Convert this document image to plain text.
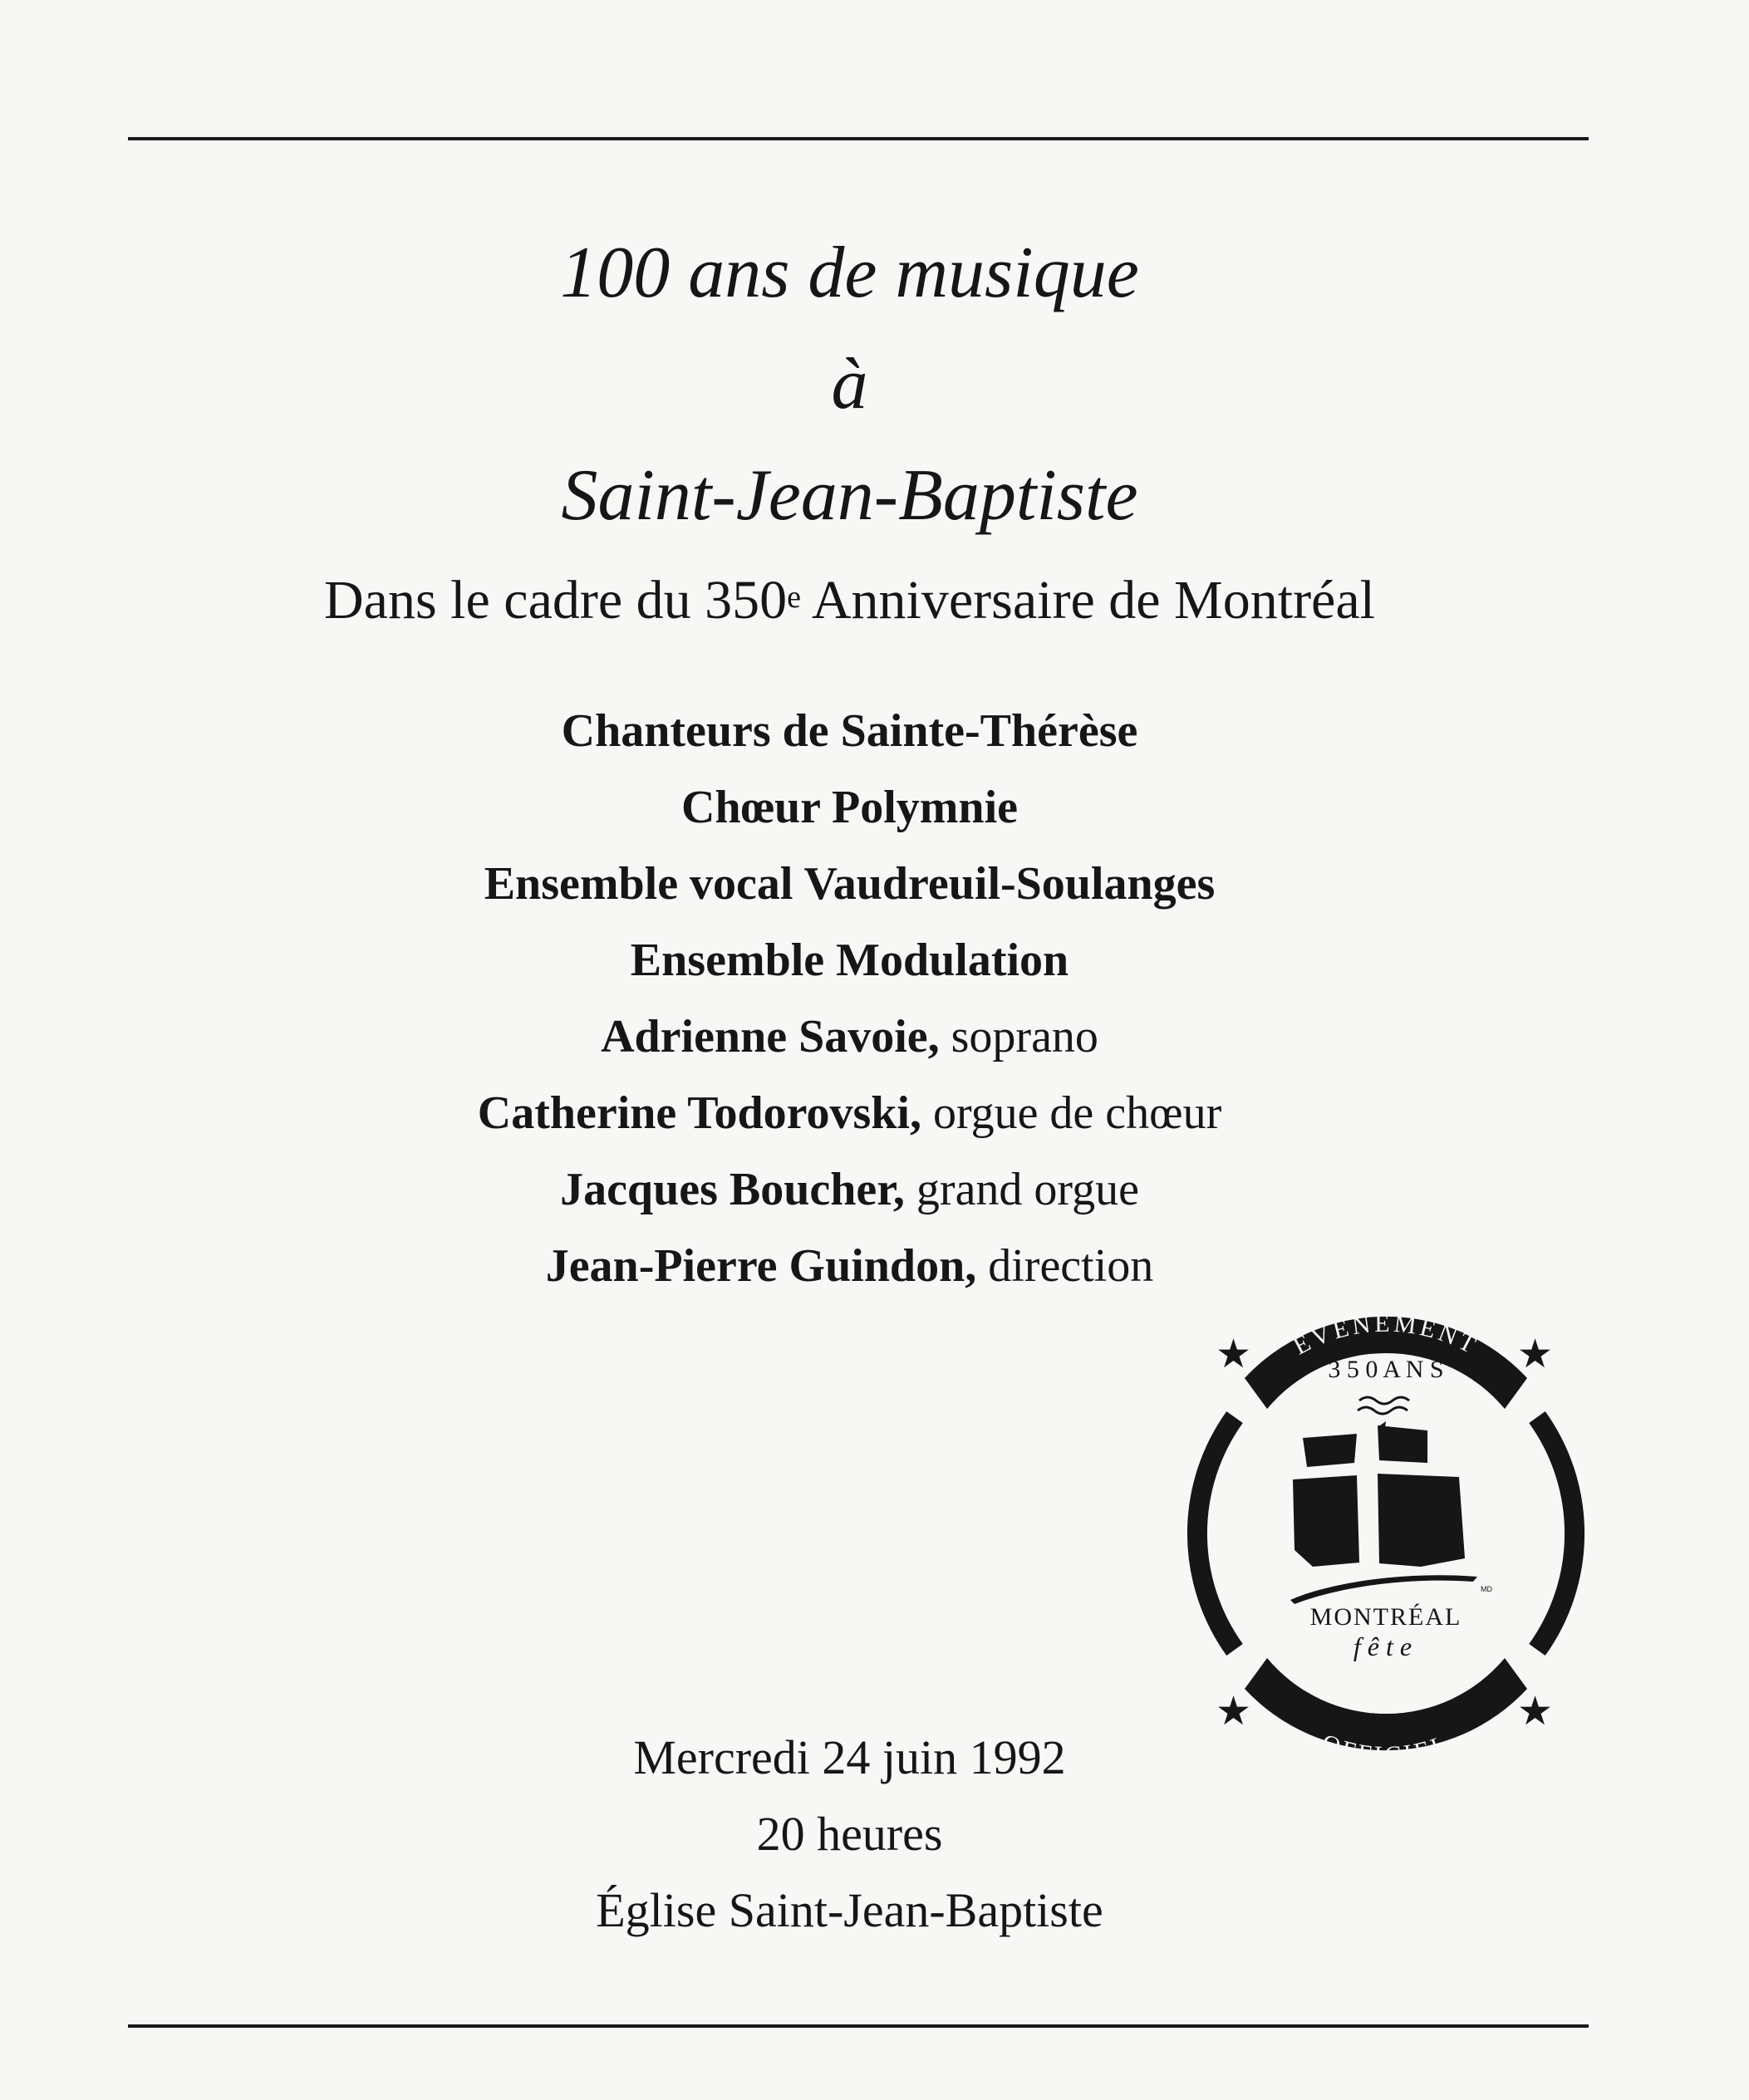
100 ans de musique
à
Saint-Jean-Baptiste
Dans le cadre du 350e Anniversaire de Montréal
Chanteurs de Sainte-Thérèse
Chœur Polymnie
Ensemble vocal Vaudreuil-Soulanges
Ensemble Modulation
Adrienne Savoie, soprano
Catherine Todorovski, orgue de chœur
Jacques Boucher, grand orgue
Jean-Pierre Guindon, direction
ÉVÉNEMENT
OFFICIEL
★	★
★	★
3 5 0 A N S
MD
MONTRÉAL
fête
Mercredi 24 juin 1992
20 heures
Église Saint-Jean-Baptiste
